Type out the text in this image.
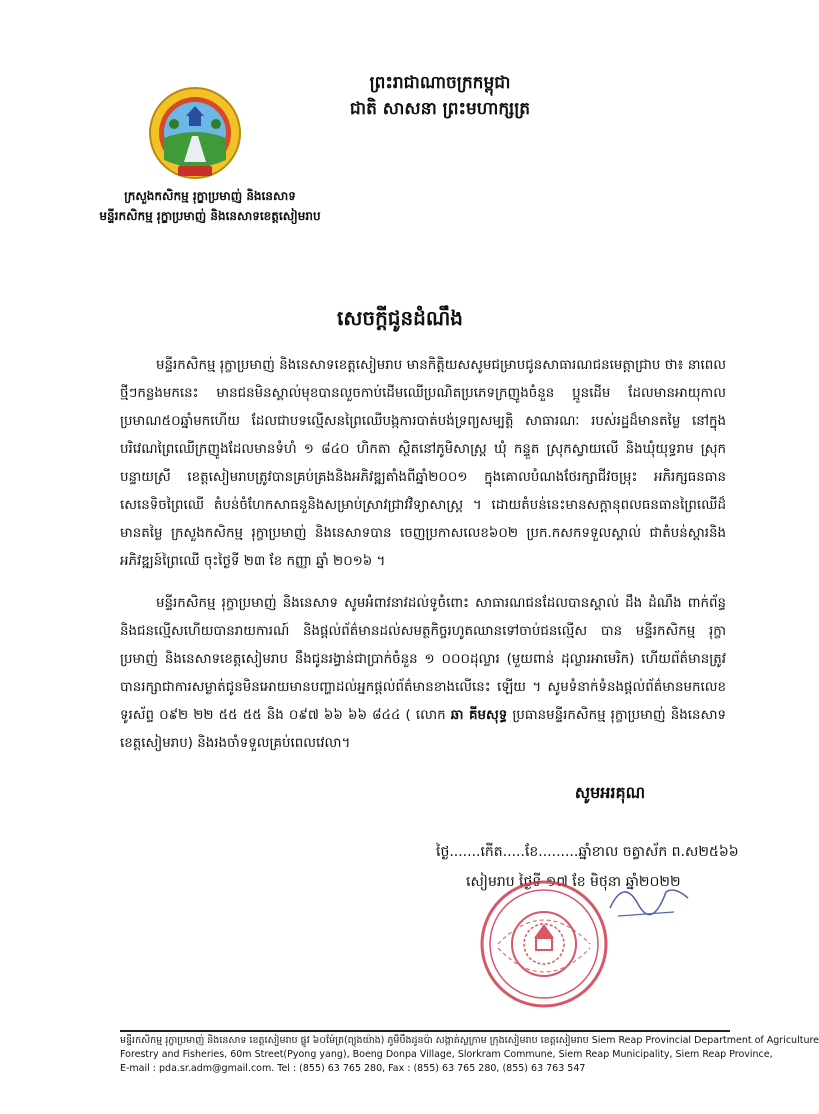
ព្រះរាជាណាចក្រកម្ពុជា
ជាតិ សាសនា ព្រះមហាក្សត្រ
ក្រសួងកសិកម្ម រុក្ខាប្រមាញ់ និងនេសាទ
មន្ទីរកសិកម្ម រុក្ខាប្រមាញ់ និងនេសាទខេត្តសៀមរាប
សេចក្ដីជូនដំណឹង

មន្ទីរកសិកម្ម រុក្ខាប្រមាញ់ និងនេសាទខេត្តសៀមរាប មានកិត្តិយសសូមជម្រាបជូនសាធារណជនមេត្តាជ្រាប ថា៖ នាពេលថ្មីៗកន្លងមកនេះ មានជនមិនស្គាល់មុខបានលួចកាប់ដើមឈើប្រណិតប្រភេទក្រញូងចំនួន ប្អូនដើម ដែលមានអាយុកាលប្រមាណ៥០ឆ្នាំមកហើយ ដែលជាបទល្មើសនព្រៃឈើបង្កការបាត់បង់ទ្រព្យសម្បត្តិ សាធារណៈ របស់រដ្ឋដ៏មានតម្លៃ នៅក្នុងបរិវេណព្រៃឈើក្រញូងដែលមានទំហំ ១ ៨៤០ ហិកតា ស្ថិតនៅភូមិសាស្ត្រ ឃុំ កន្ទួត ស្រុកស្វាយលើ និងឃុំយុទ្ធរាម ស្រុក បន្ទាយស្រី ខេត្តសៀមរាបត្រូវបានគ្រប់គ្រងនិងអភិវឌ្ឍតាំងពីឆ្នាំ២០០១ ក្នុងគោលបំណងថែរក្សាជីវចម្រុះ អភិរក្សធនធានសេនេទិចព្រៃឈើ តំបន់ចំហែកសាធនួនិងសម្រាប់ស្រាវជ្រាវវិទ្យាសាស្ត្រ ។ ដោយតំបន់នេះមានសក្ដានុពលធនធានព្រៃឈើដ៏មានតម្លៃ ក្រសួងកសិកម្ម រុក្ខាប្រមាញ់ និងនេសាទបាន ចេញប្រកាសលេខ៦០២ ប្រក.កសកទទួលស្គាល់ ជាតំបន់ស្តារនិងអភិវឌ្ឍន៍ព្រៃឈើ ចុះថ្ងៃទី ២៣ ខែ កញ្ញា ឆ្នាំ ២០១៦ ។

មន្ទីរកសិកម្ម រុក្ខាប្រមាញ់ និងនេសាទ សូមអំពាវនាវដល់ទូចំពោះ សាធារណជនដែលបានស្គាល់ ដឹង ដំណឹង ពាក់ព័ន្ធនិងជនល្មើសហើយបានរាយការណ៍ និងផ្តល់ព័ត៌មានដល់សមត្ថកិច្ចរហូតឈានទៅចាប់ជនល្មើស បាន មន្ទីរកសិកម្ម រុក្ខាប្រមាញ់ និងនេសាទខេត្តសៀមរាប នឹងជូនរង្វាន់ជាប្រាក់ចំនួន ១ ០០០ដុល្លារ (មួយពាន់ ដុល្លារអាមេរិក) ហើយព័ត៌មានត្រូវបានរក្សាជាការសម្ងាត់ជូនមិនអោយមានបញ្ហាដល់អ្នកផ្តល់ព័ត៌មានខាងលើនេះ ឡើយ ។ សូមទំនាក់ទំនងផ្តល់ព័ត៌មានមកលេខទូរស័ព្ទ ០៩២ ២២ ៥៥ ៥៥ និង ០៩៧ ៦៦ ៦៦ ៨៤៤ ( លោក ឆា គីមសុទ្ធ ប្រធានមន្ទីរកសិកម្ម រុក្ខាប្រមាញ់ និងនេសាទខេត្តសៀមរាប) និងរងចាំទទួលគ្រប់ពេលវេលា។

សូមអរគុណ
ថ្ងៃ.......កើត.....ខែ.........ឆ្នាំខាល ចត្វាស័ក ព.ស២៥៦៦
សៀមរាប ថ្ងៃទី ១៧ ខែ មិថុនា ឆ្នាំ២០២២
មន្ទីរកសិកម្ម រុក្ខាប្រមាញ់ និងនេសាទ ខេត្តសៀមរាប ផ្លូវ ៦០ម៉ែត្រ(ព្យុងយ៉ាង) ភូមិបឹងដូនប៉ា សង្កាត់ស្លក្រាម ក្រុងសៀមរាប ខេត្តសៀមរាប Siem Reap Provincial Department of Agriculture
Forestry and Fisheries, 60m Street(Pyong yang), Boeng Donpa Village, Slorkram Commune, Siem Reap Municipality, Siem Reap Province,
E-mail : pda.sr.adm@gmail.com. Tel : (855) 63 765 280, Fax : (855) 63 765 280, (855) 63 763 547
